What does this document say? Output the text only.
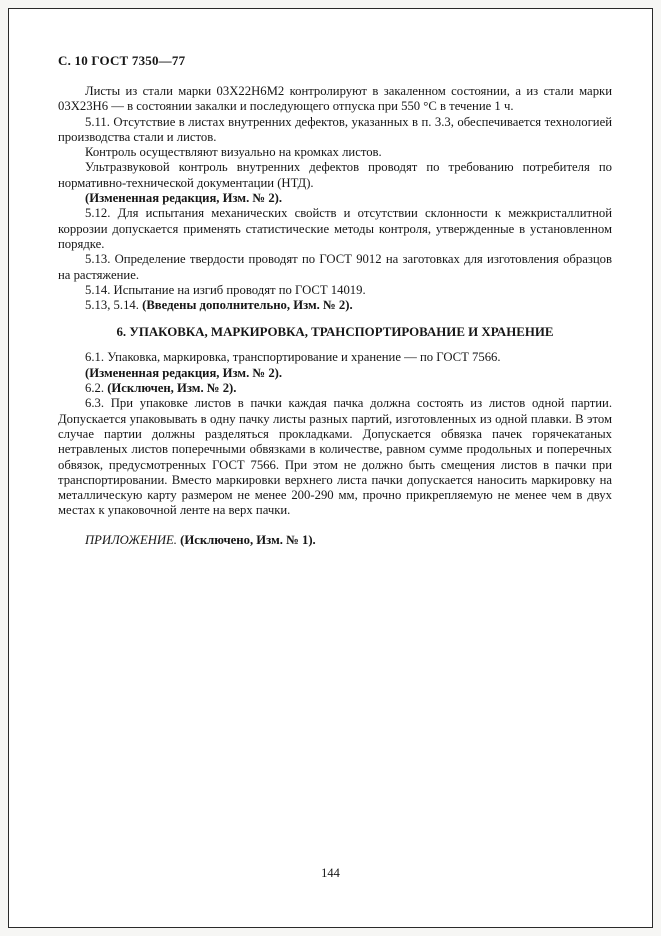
С. 10 ГОСТ 7350—77

Листы из стали марки 03Х22Н6М2 контролируют в закаленном состоянии, а из стали марки 03Х23Н6 — в состоянии закалки и последующего отпуска при 550 °С в течение 1 ч.

5.11. Отсутствие в листах внутренних дефектов, указанных в п. 3.3, обеспечивается технологией производства стали и листов.

Контроль осуществляют визуально на кромках листов.

Ультразвуковой контроль внутренних дефектов проводят по требованию потребителя по нормативно-технической документации (НТД).

(Измененная редакция, Изм. № 2).

5.12. Для испытания механических свойств и отсутствии склонности к межкристаллитной коррозии допускается применять статистические методы контроля, утвержденные в установленном порядке.

5.13. Определение твердости проводят по ГОСТ 9012 на заготовках для изготовления образцов на растяжение.

5.14. Испытание на изгиб проводят по ГОСТ 14019.

5.13, 5.14. (Введены дополнительно, Изм. № 2).

6. УПАКОВКА, МАРКИРОВКА, ТРАНСПОРТИРОВАНИЕ И ХРАНЕНИЕ

6.1. Упаковка, маркировка, транспортирование и хранение — по ГОСТ 7566.

(Измененная редакция, Изм. № 2).

6.2. (Исключен, Изм. № 2).

6.3. При упаковке листов в пачки каждая пачка должна состоять из листов одной партии. Допускается упаковывать в одну пачку листы разных партий, изготовленных из одной плавки. В этом случае партии должны разделяться прокладками. Допускается обвязка пачек горячекатаных нетравленых листов поперечными обвязками в количестве, равном сумме продольных и поперечных обвязок, предусмотренных ГОСТ 7566. При этом не должно быть смещения листов в пачки при транспортировании. Вместо маркировки верхнего листа пачки допускается наносить маркировку на металлическую карту размером не менее 200-290 мм, прочно прикрепляемую не менее чем в двух местах к упаковочной ленте на верх пачки.

ПРИЛОЖЕНИЕ. (Исключено, Изм. № 1).

144
